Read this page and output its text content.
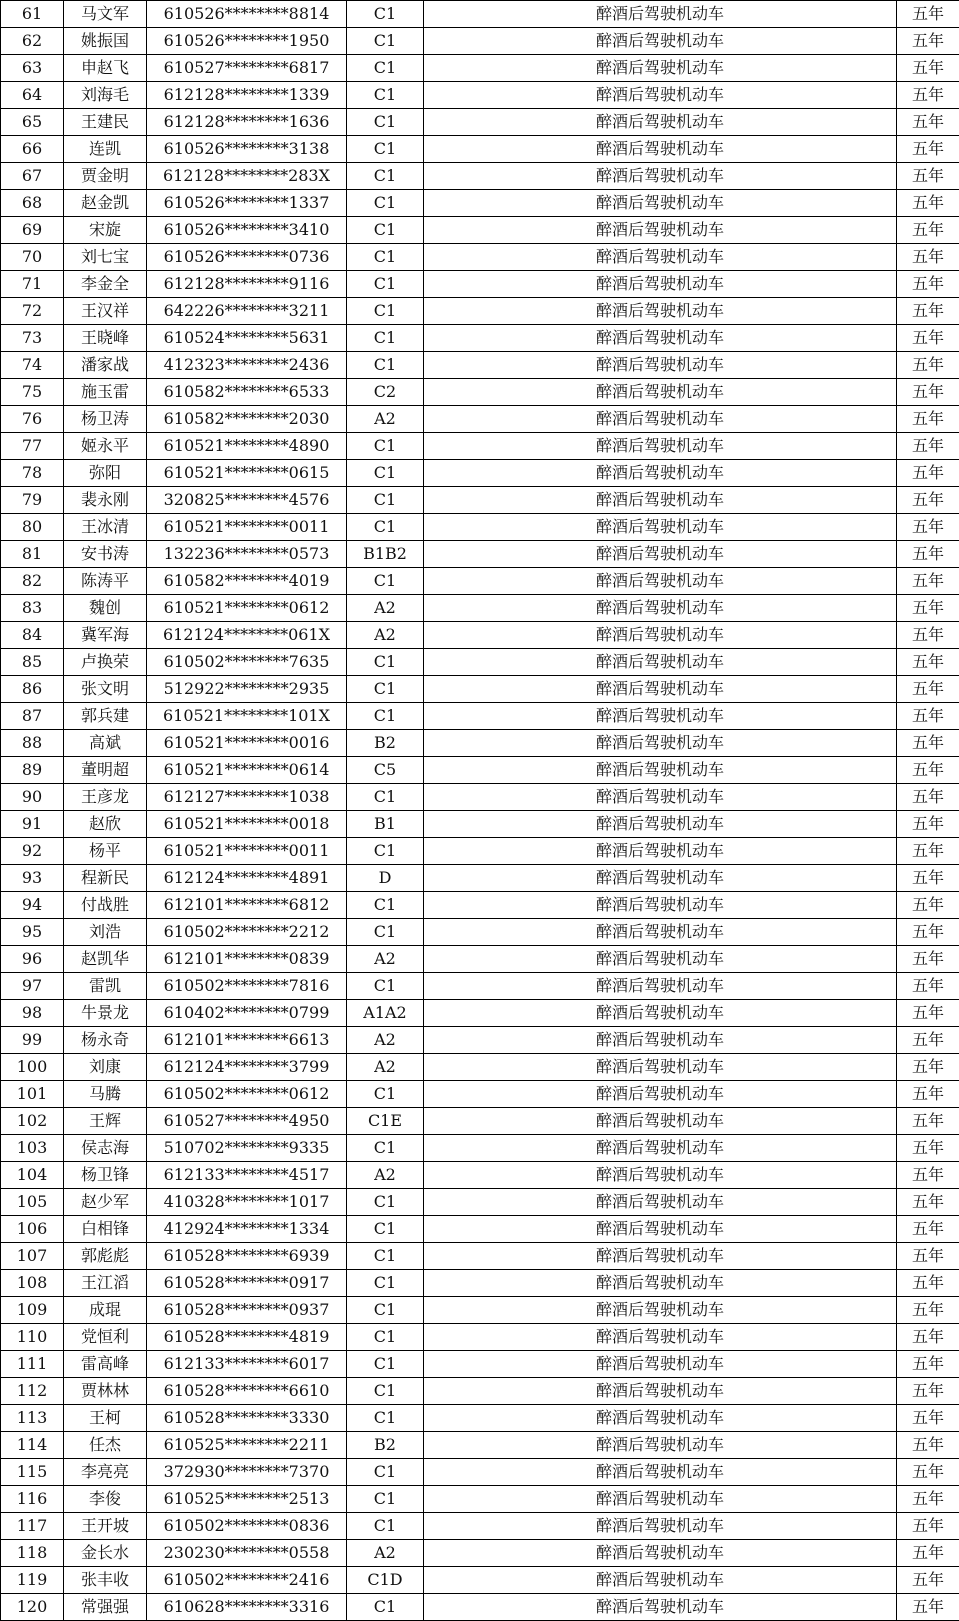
61	马文军	610526********8814	C1	醉酒后驾驶机动车	五年
62	姚振国	610526********1950	C1	醉酒后驾驶机动车	五年
63	申赵飞	610527********6817	C1	醉酒后驾驶机动车	五年
64	刘海毛	612128********1339	C1	醉酒后驾驶机动车	五年
65	王建民	612128********1636	C1	醉酒后驾驶机动车	五年
66	连凯	610526********3138	C1	醉酒后驾驶机动车	五年
67	贾金明	612128********283X	C1	醉酒后驾驶机动车	五年
68	赵金凯	610526********1337	C1	醉酒后驾驶机动车	五年
69	宋旋	610526********3410	C1	醉酒后驾驶机动车	五年
70	刘七宝	610526********0736	C1	醉酒后驾驶机动车	五年
71	李金全	612128********9116	C1	醉酒后驾驶机动车	五年
72	王汉祥	642226********3211	C1	醉酒后驾驶机动车	五年
73	王晓峰	610524********5631	C1	醉酒后驾驶机动车	五年
74	潘家战	412323********2436	C1	醉酒后驾驶机动车	五年
75	施玉雷	610582********6533	C2	醉酒后驾驶机动车	五年
76	杨卫涛	610582********2030	A2	醉酒后驾驶机动车	五年
77	姬永平	610521********4890	C1	醉酒后驾驶机动车	五年
78	弥阳	610521********0615	C1	醉酒后驾驶机动车	五年
79	裴永刚	320825********4576	C1	醉酒后驾驶机动车	五年
80	王冰清	610521********0011	C1	醉酒后驾驶机动车	五年
81	安书涛	132236********0573	B1B2	醉酒后驾驶机动车	五年
82	陈涛平	610582********4019	C1	醉酒后驾驶机动车	五年
83	魏创	610521********0612	A2	醉酒后驾驶机动车	五年
84	冀军海	612124********061X	A2	醉酒后驾驶机动车	五年
85	卢换荣	610502********7635	C1	醉酒后驾驶机动车	五年
86	张文明	512922********2935	C1	醉酒后驾驶机动车	五年
87	郭兵建	610521********101X	C1	醉酒后驾驶机动车	五年
88	高斌	610521********0016	B2	醉酒后驾驶机动车	五年
89	董明超	610521********0614	C5	醉酒后驾驶机动车	五年
90	王彦龙	612127********1038	C1	醉酒后驾驶机动车	五年
91	赵欣	610521********0018	B1	醉酒后驾驶机动车	五年
92	杨平	610521********0011	C1	醉酒后驾驶机动车	五年
93	程新民	612124********4891	D	醉酒后驾驶机动车	五年
94	付战胜	612101********6812	C1	醉酒后驾驶机动车	五年
95	刘浩	610502********2212	C1	醉酒后驾驶机动车	五年
96	赵凯华	612101********0839	A2	醉酒后驾驶机动车	五年
97	雷凯	610502********7816	C1	醉酒后驾驶机动车	五年
98	牛景龙	610402********0799	A1A2	醉酒后驾驶机动车	五年
99	杨永奇	612101********6613	A2	醉酒后驾驶机动车	五年
100	刘康	612124********3799	A2	醉酒后驾驶机动车	五年
101	马腾	610502********0612	C1	醉酒后驾驶机动车	五年
102	王辉	610527********4950	C1E	醉酒后驾驶机动车	五年
103	侯志海	510702********9335	C1	醉酒后驾驶机动车	五年
104	杨卫锋	612133********4517	A2	醉酒后驾驶机动车	五年
105	赵少军	410328********1017	C1	醉酒后驾驶机动车	五年
106	白相锋	412924********1334	C1	醉酒后驾驶机动车	五年
107	郭彪彪	610528********6939	C1	醉酒后驾驶机动车	五年
108	王江滔	610528********0917	C1	醉酒后驾驶机动车	五年
109	成琨	610528********0937	C1	醉酒后驾驶机动车	五年
110	党恒利	610528********4819	C1	醉酒后驾驶机动车	五年
111	雷高峰	612133********6017	C1	醉酒后驾驶机动车	五年
112	贾林林	610528********6610	C1	醉酒后驾驶机动车	五年
113	王柯	610528********3330	C1	醉酒后驾驶机动车	五年
114	任杰	610525********2211	B2	醉酒后驾驶机动车	五年
115	李亮亮	372930********7370	C1	醉酒后驾驶机动车	五年
116	李俊	610525********2513	C1	醉酒后驾驶机动车	五年
117	王开坡	610502********0836	C1	醉酒后驾驶机动车	五年
118	金长水	230230********0558	A2	醉酒后驾驶机动车	五年
119	张丰收	610502********2416	C1D	醉酒后驾驶机动车	五年
120	常强强	610628********3316	C1	醉酒后驾驶机动车	五年
